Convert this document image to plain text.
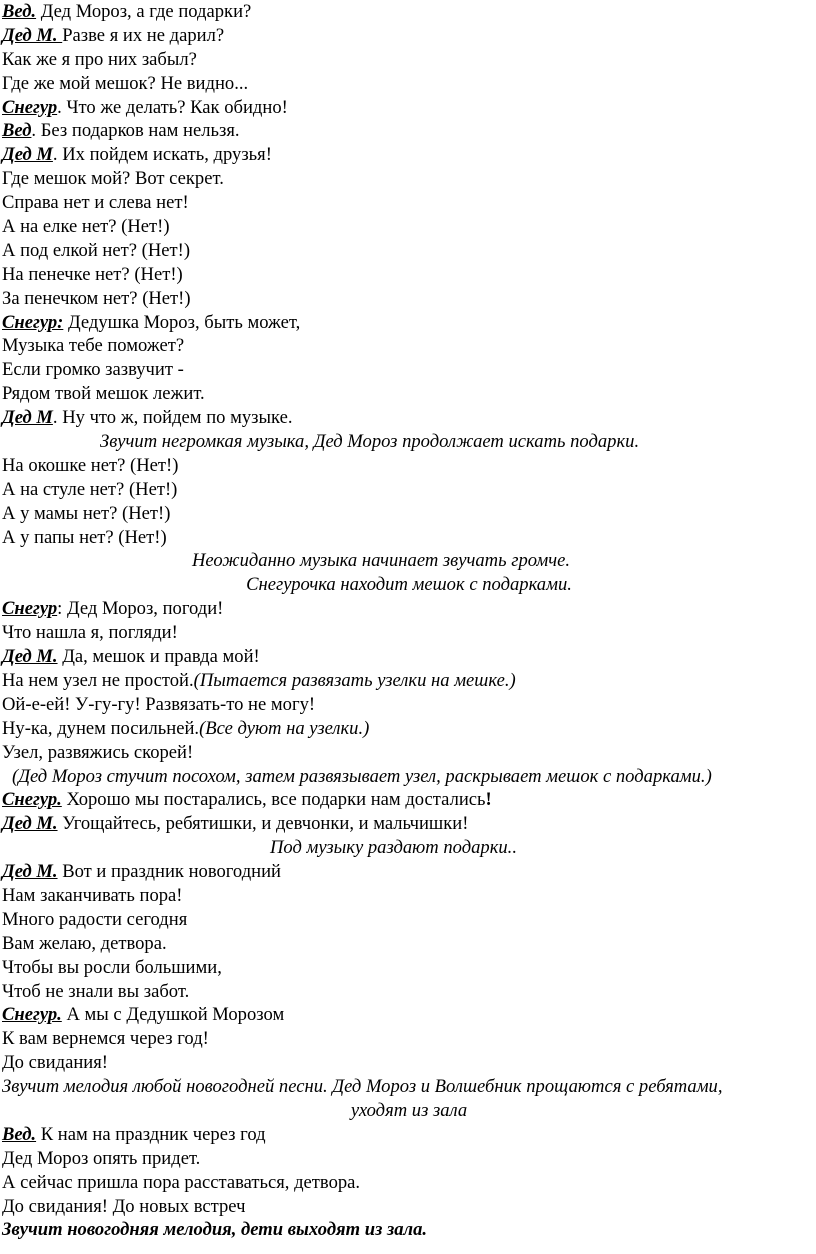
Вед. Дед Мороз, а где подарки?
Дед М. Разве я их не дарил?
Как же я про них забыл?
Где же мой мешок? Не видно...
Снегур. Что же делать? Как обидно!
Вед. Без подарков нам нельзя.
Дед М. Их пойдем искать, друзья!
Где мешок мой? Вот секрет.
Справа нет и слева нет!
А на елке нет? (Нет!)
А под елкой нет? (Нет!)
На пенечке нет? (Нет!)
За пенечком нет? (Нет!)
Снегур: Дедушка Мороз, быть может,
Музыка тебе поможет?
Если громко зазвучит -
Рядом твой мешок лежит.
Дед М. Ну что ж, пойдем по музыке.
Звучит негромкая музыка, Дед Мороз продолжает искать подарки.
На окошке нет? (Нет!)
А на стуле нет? (Нет!)
А у мамы нет? (Нет!)
А у папы нет? (Нет!)
Неожиданно музыка начинает звучать громче.
Снегурочка находит мешок с подарками.
Снегур: Дед Мороз, погоди!
Что нашла я, погляди!
Дед М. Да, мешок и правда мой!
На нем узел не простой.(Пытается развязать узелки на мешке.)
Ой-е-ей! У-гу-гу! Развязать-то не могу!
Ну-ка, дунем посильней.(Все дуют на узелки.)
Узел, развяжись скорей!
(Дед Мороз стучит посохом, затем развязывает узел, раскрывает мешок с подарками.)
Снегур. Хорошо мы постарались, все подарки нам достались!
Дед М. Угощайтесь, ребятишки, и девчонки, и мальчишки!
Под музыку раздают подарки..
Дед М. Вот и праздник новогодний
Нам заканчивать пора!
Много радости сегодня
Вам желаю, детвора.
Чтобы вы росли большими,
Чтоб не знали вы забот.
Снегур. А мы с Дедушкой Морозом
К вам вернемся через год!
До свидания!
Звучит мелодия любой новогодней песни. Дед Мороз и Волшебник прощаются с ребятами,
уходят из зала
Вед. К нам на праздник через год
Дед Мороз опять придет.
А сейчас пришла пора расставаться, детвора.
До свидания! До новых встреч
Звучит новогодняя мелодия, дети выходят из зала.
